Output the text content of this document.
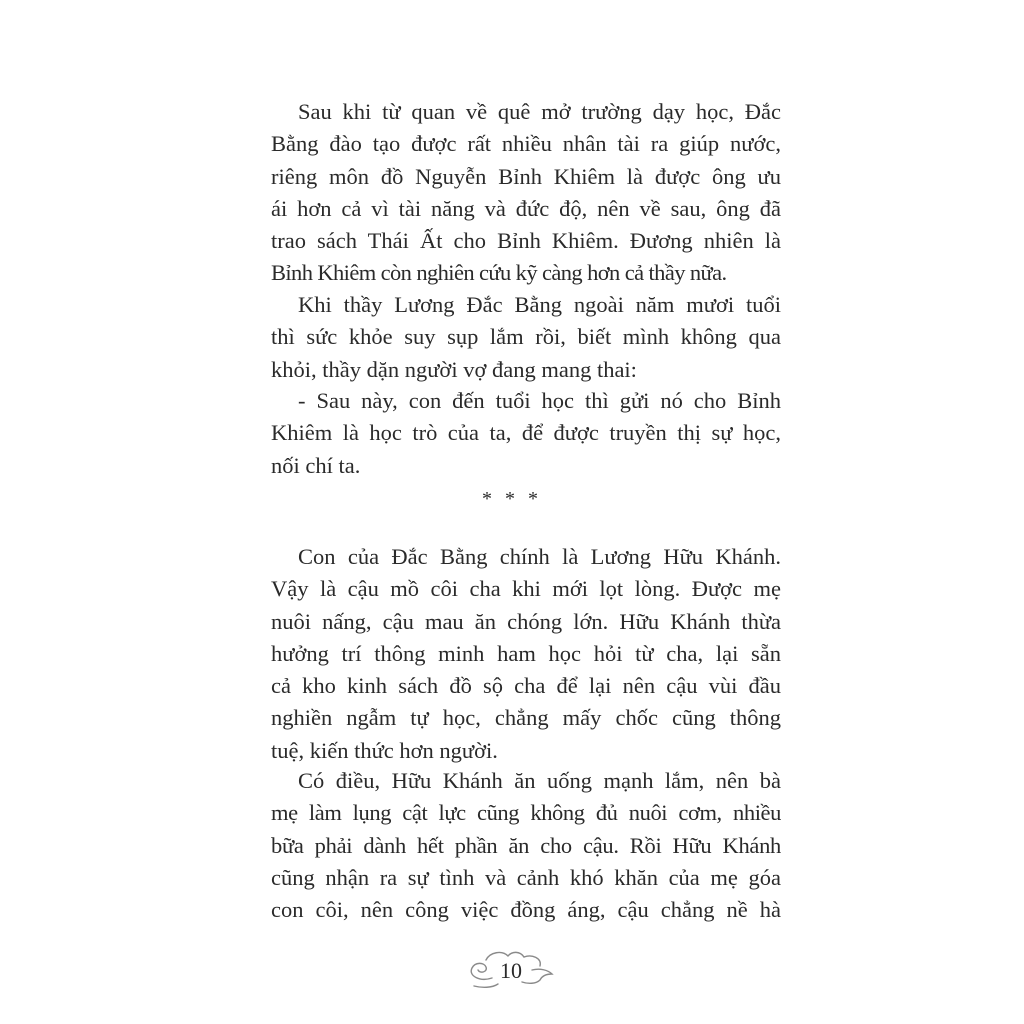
Sau khi từ quan về quê mở trường dạy học, Đắc
Bằng đào tạo được rất nhiều nhân tài ra giúp nước,
riêng môn đồ Nguyễn Bỉnh Khiêm là được ông ưu
ái hơn cả vì tài năng và đức độ, nên về sau, ông đã
trao sách Thái Ất cho Bỉnh Khiêm. Đương nhiên là
Bỉnh Khiêm còn nghiên cứu kỹ càng hơn cả thầy nữa.
Khi thầy Lương Đắc Bằng ngoài năm mươi tuổi
thì sức khỏe suy sụp lắm rồi, biết mình không qua
khỏi, thầy dặn người vợ đang mang thai:
- Sau này, con đến tuổi học thì gửi nó cho Bỉnh
Khiêm là học trò của ta, để được truyền thị sự học,
nối chí ta.
* * *
Con của Đắc Bằng chính là Lương Hữu Khánh.
Vậy là cậu mồ côi cha khi mới lọt lòng. Được mẹ
nuôi nấng, cậu mau ăn chóng lớn. Hữu Khánh thừa
hưởng trí thông minh ham học hỏi từ cha, lại sẵn
cả kho kinh sách đồ sộ cha để lại nên cậu vùi đầu
nghiền ngẫm tự học, chẳng mấy chốc cũng thông
tuệ, kiến thức hơn người.
Có điều, Hữu Khánh ăn uống mạnh lắm, nên bà
mẹ làm lụng cật lực cũng không đủ nuôi cơm, nhiều
bữa phải dành hết phần ăn cho cậu. Rồi Hữu Khánh
cũng nhận ra sự tình và cảnh khó khăn của mẹ góa
con côi, nên công việc đồng áng, cậu chẳng nề hà
10
